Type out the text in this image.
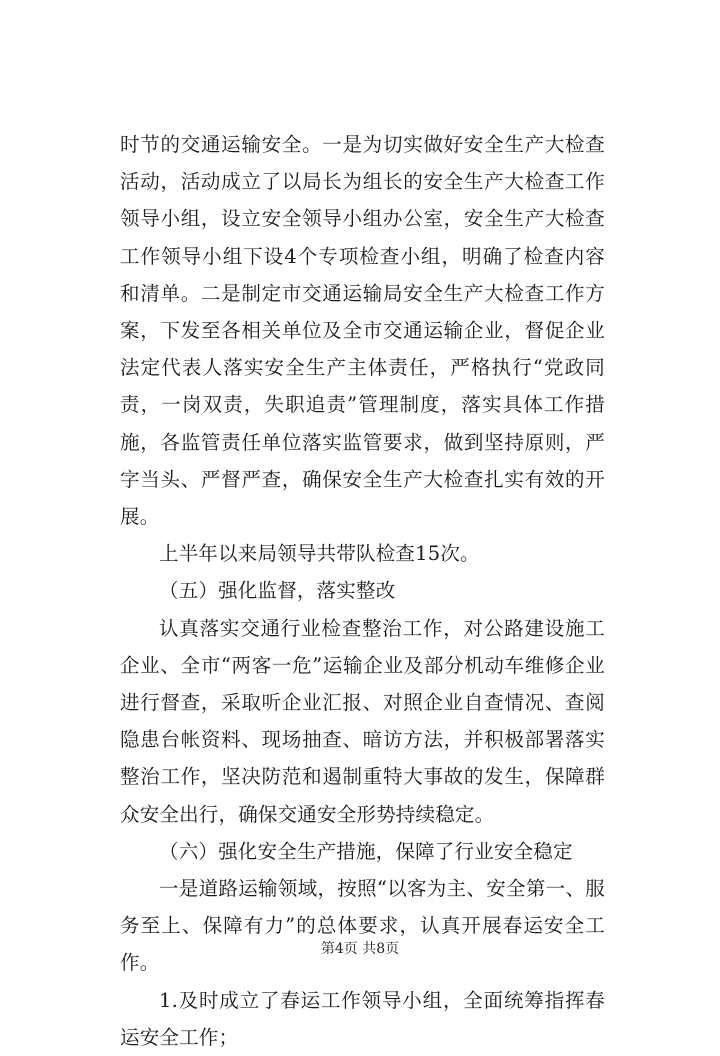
时节的交通运输安全。一是为切实做好安全生产大检查活动，活动成立了以局长为组长的安全生产大检查工作领导小组，设立安全领导小组办公室，安全生产大检查工作领导小组下设4个专项检查小组，明确了检查内容和清单。二是制定市交通运输局安全生产大检查工作方案，下发至各相关单位及全市交通运输企业，督促企业法定代表人落实安全生产主体责任，严格执行“党政同责，一岗双责，失职追责”管理制度，落实具体工作措施，各监管责任单位落实监管要求，做到坚持原则，严字当头、严督严查，确保安全生产大检查扎实有效的开展。

上半年以来局领导共带队检查15次。

（五）强化监督，落实整改

认真落实交通行业检查整治工作，对公路建设施工企业、全市“两客一危”运输企业及部分机动车维修企业进行督查，采取听企业汇报、对照企业自查情况、查阅隐患台帐资料、现场抽查、暗访方法，并积极部署落实整治工作，坚决防范和遏制重特大事故的发生，保障群众安全出行，确保交通安全形势持续稳定。

（六）强化安全生产措施，保障了行业安全稳定

一是道路运输领域，按照“以客为主、安全第一、服务至上、保障有力”的总体要求，认真开展春运安全工作。

1.及时成立了春运工作领导小组，全面统筹指挥春运安全工作；

第4页 共8页
